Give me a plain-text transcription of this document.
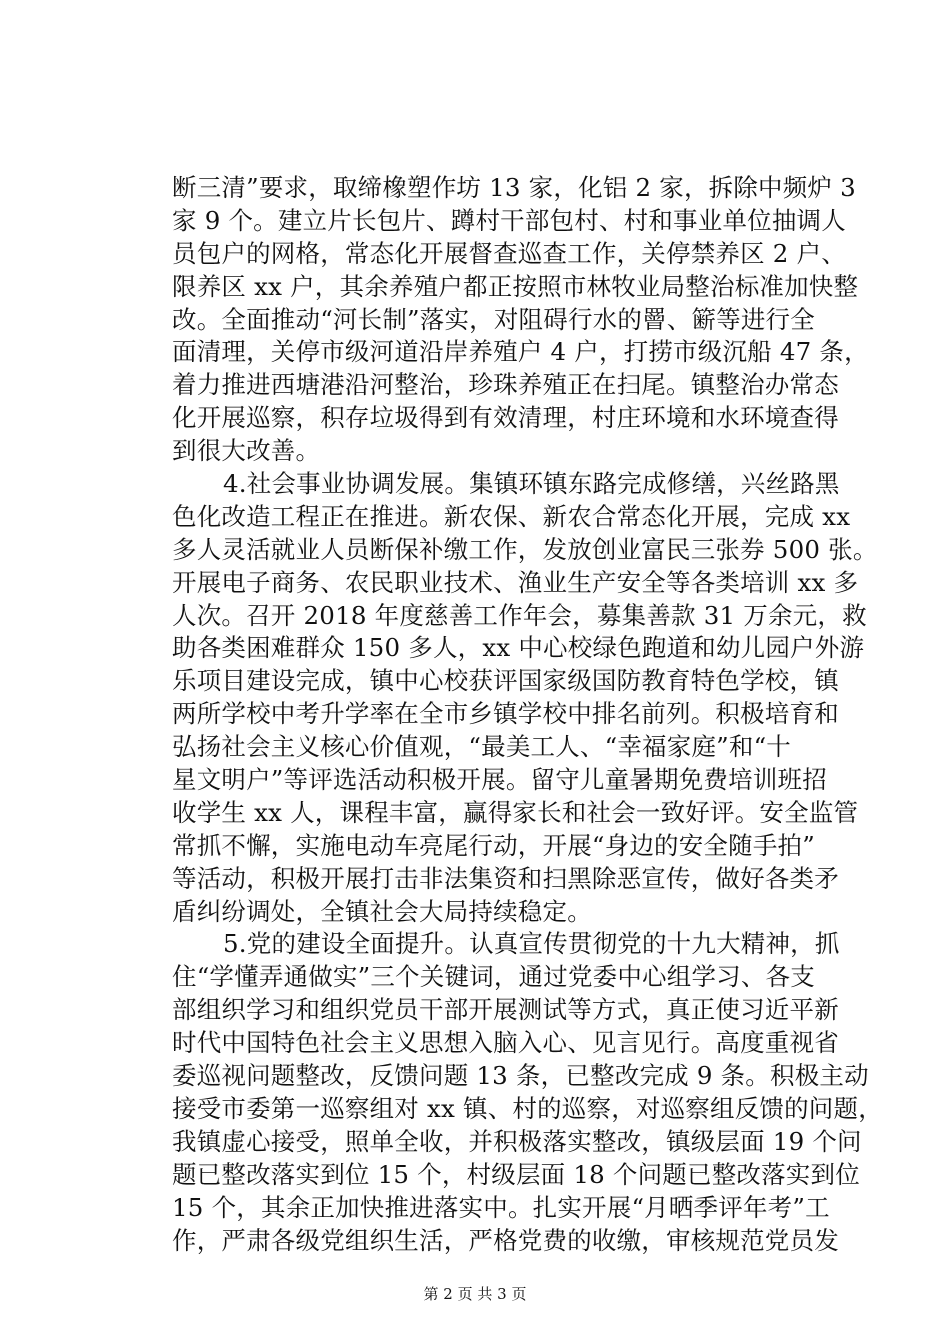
断三清”要求，取缔橡塑作坊 13 家，化铝 2 家，拆除中频炉 3
家 9 个。建立片长包片、蹲村干部包村、村和事业单位抽调人
员包户的网格，常态化开展督查巡查工作，关停禁养区 2 户、
限养区 xx 户，其余养殖户都正按照市林牧业局整治标准加快整
改。全面推动“河长制”落实，对阻碍行水的罾、簖等进行全
面清理，关停市级河道沿岸养殖户 4 户，打捞市级沉船 47 条，
着力推进西塘港沿河整治，珍珠养殖正在扫尾。镇整治办常态
化开展巡察，积存垃圾得到有效清理，村庄环境和水环境查得
到很大改善。
4.社会事业协调发展。集镇环镇东路完成修缮，兴丝路黑
色化改造工程正在推进。新农保、新农合常态化开展，完成 xx
多人灵活就业人员断保补缴工作，发放创业富民三张券 500 张。
开展电子商务、农民职业技术、渔业生产安全等各类培训 xx 多
人次。召开 2018 年度慈善工作年会，募集善款 31 万余元，救
助各类困难群众 150 多人，xx 中心校绿色跑道和幼儿园户外游
乐项目建设完成，镇中心校获评国家级国防教育特色学校，镇
两所学校中考升学率在全市乡镇学校中排名前列。积极培育和
弘扬社会主义核心价值观，“最美工人、“幸福家庭”和“十
星文明户”等评选活动积极开展。留守儿童暑期免费培训班招
收学生 xx 人，课程丰富，赢得家长和社会一致好评。安全监管
常抓不懈，实施电动车亮尾行动，开展“身边的安全随手拍”
等活动，积极开展打击非法集资和扫黑除恶宣传，做好各类矛
盾纠纷调处，全镇社会大局持续稳定。
5.党的建设全面提升。认真宣传贯彻党的十九大精神，抓
住“学懂弄通做实”三个关键词，通过党委中心组学习、各支
部组织学习和组织党员干部开展测试等方式，真正使习近平新
时代中国特色社会主义思想入脑入心、见言见行。高度重视省
委巡视问题整改，反馈问题 13 条，已整改完成 9 条。积极主动
接受市委第一巡察组对 xx 镇、村的巡察，对巡察组反馈的问题，
我镇虚心接受，照单全收，并积极落实整改，镇级层面 19 个问
题已整改落实到位 15 个，村级层面 18 个问题已整改落实到位
15 个，其余正加快推进落实中。扎实开展“月晒季评年考”工
作，严肃各级党组织生活，严格党费的收缴，审核规范党员发
第 2 页 共 3 页
